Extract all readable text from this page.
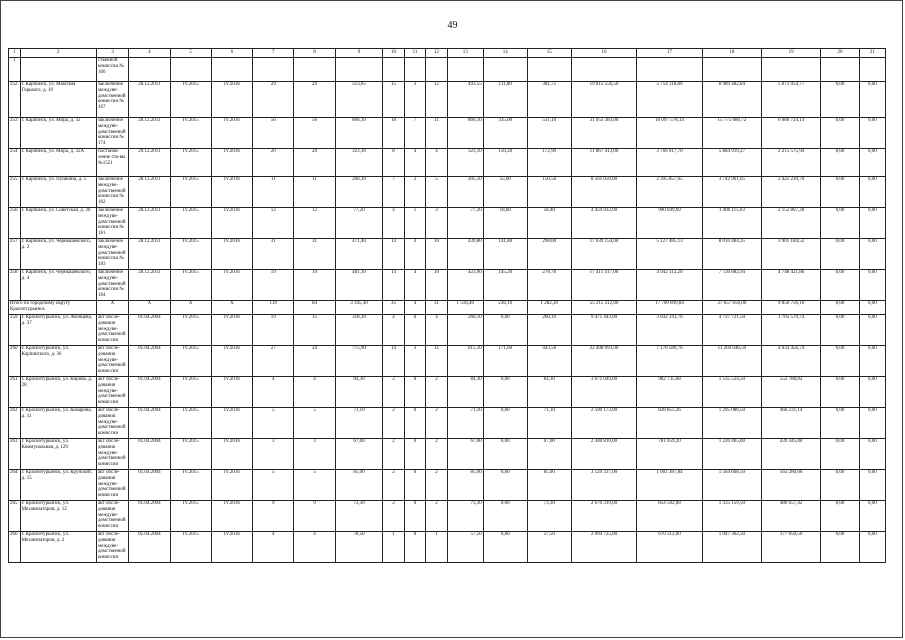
49
1	2	3	4	5	6	7	8	9	10	11	12	13	14	15	16	17	18	19	20	21
1		ственной комиссии № 166																		
252	г. Карпинск, ул. Максима Горького, д. 10	заключение междуве-домственной комиссии № 167	28.12.2011	IV.2015	IV.2016	29	29	513,65	15	3	12	493,55	111,80	381,75	19 815 556,50	5 754 118,89	8 989 482,84	5 071 954,77	0,00	0,00
253	г. Карпинск, ул. Мира, д. 32	заключение междуве-домственной комиссии № 174	28.12.2011	IV.2015	IV.2016	56	56	866,10	18	7	11	866,10	335,00	531,10	31 953 383,00	10 097 578,14	15 775 080,72	6 080 724,14	0,00	0,00
254	г. Карпинск, ул. Мира, д. 32А	постанов-ление гла-вы №1521	29.12.2011	IV.2015	IV.2016	20	20	323,10	8	4	4	323,10	150,20	172,90	11 867 413,00	3 766 917,70	5 884 919,27	2 215 575,94	0,00	0,00
255	г. Карпинск, ул. Пушкина, д. 5	заключение междуве-домственной комиссии № 182	28.12.2011	IV.2015	IV.2016	11	11	260,10	7	2	5	205,50	55,00	150,50	8 561 050,00	2 395 857,65	3 742 961,65	2 422 230,70	0,00	0,00
256	г. Карпинск, ул. Советская, д. 30	заключение междуве-домственной комиссии № 181	28.12.2011	IV.2015	IV.2016	12	12	77,20	4	1	3	77,20	18,80	58,40	4 459 032,00	900 049,69	1 406 115,03	2 152 867,28	0,00	0,00
257	г. Карпинск, ул. Чернышевского, д. 2	заключение междуве-домственной комиссии № 183	28.12.2011	IV.2015	IV.2016	31	31	471,40	14	4	10	439,80	141,80	298,00	17 039 154,00	5 127 485,13	8 010 484,35	3 901 184,52	0,00	0,00
258	г. Карпинск, ул. Чернышевского, д. 4	заключение междуве-домственной комиссии № 184	28.12.2011	IV.2015	IV.2016	19	19	481,10	14	4	10	423,90	145,20	278,70	17 411 417,00	4 942 112,20	7 720 882,94	4 748 421,86	0,00	0,00
Итого по городскому округу Краснотурьинск		X	X	X	X	139	84	3 345,30	35	4	31	1 518,40	236,10	1 282,30	55 215 312,00	17 700 899,84	27 657 656,00	9 856 756,16	0,00	0,00
259	г. Краснотурьинск, ул. Абонцева, д. 37	акт обсле-дования междуве-домственной комиссии	01.04.2004	IV.2015	IV.2016	19	15	318,10	4	0	4	260,10	0,00	260,10	9 475 443,00	3 032 141,76	4 737 721,50	1 705 579,74	0,00	0,00
260	г. Краснотурьинск, ул. Карпинского, д. 36	акт обсле-дования междуве-домственной комиссии	01.04.2004	IV.2015	IV.2016	27	24	775,90	14	3	11	615,10	171,60	443,50	22 408 093,00	7 170 589,76	11 204 046,50	4 033 456,74	0,00	0,00
261	г. Краснотурьинск, ул. Кирова, д. 28	акт обсле-дования междуве-домственной комиссии	01.04.2004	IV.2015	IV.2016	4	4	84,30	2	0	2	84,30	0,00	84,30	3 071 049,00	982 735,68	1 535 524,50	552 788,82	0,00	0,00
262	г. Краснотурьинск, ул. Комарова, д. 11	акт обсле-дования междуве-домственной комиссии	01.04.2004	IV.2015	IV.2016	5	5	71,10	2	0	2	71,10	0,00	71,10	2 590 173,00	828 855,36	1 295 086,50	466 231,14	0,00	0,00
263	г. Краснотурьинск, ул. Коммунальная, д. 129	акт обсле-дования междуве-домственной комиссии	01.04.2004	IV.2015	IV.2016	3	3	67,00	2	0	2	67,00	0,00	67,00	2 440 810,00	781 059,20	1 220 405,00	439 345,80	0,00	0,00
264	г. Краснотурьинск, ул. Крупской, д. 15	акт обсле-дования междуве-домственной комиссии	01.04.2004	IV.2015	IV.2016	5	5	85,90	2	0	2	85,90	0,00	85,90	3 129 337,00	1 001 387,84	1 564 668,50	563 280,66	0,00	0,00
265	г. Краснотурьинск, ул. Механизаторов, д. 12	акт обсле-дования междуве-домственной комиссии	01.04.2004	IV.2015	IV.2016	9	9	73,30	2	0	2	73,30	0,00	73,30	2 670 319,00	854 502,08	1 335 159,50	480 657,42	0,00	0,00
266	г. Краснотурьинск, ул. Механизаторов, д. 2	акт обсле-дования междуве-домственной комиссии	01.04.2004	IV.2015	IV.2016	4	4	78,50	1	0	1	57,50	0,00	57,50	2 094 725,00	670 312,00	1 047 362,50	377 050,50	0,00	0,00
